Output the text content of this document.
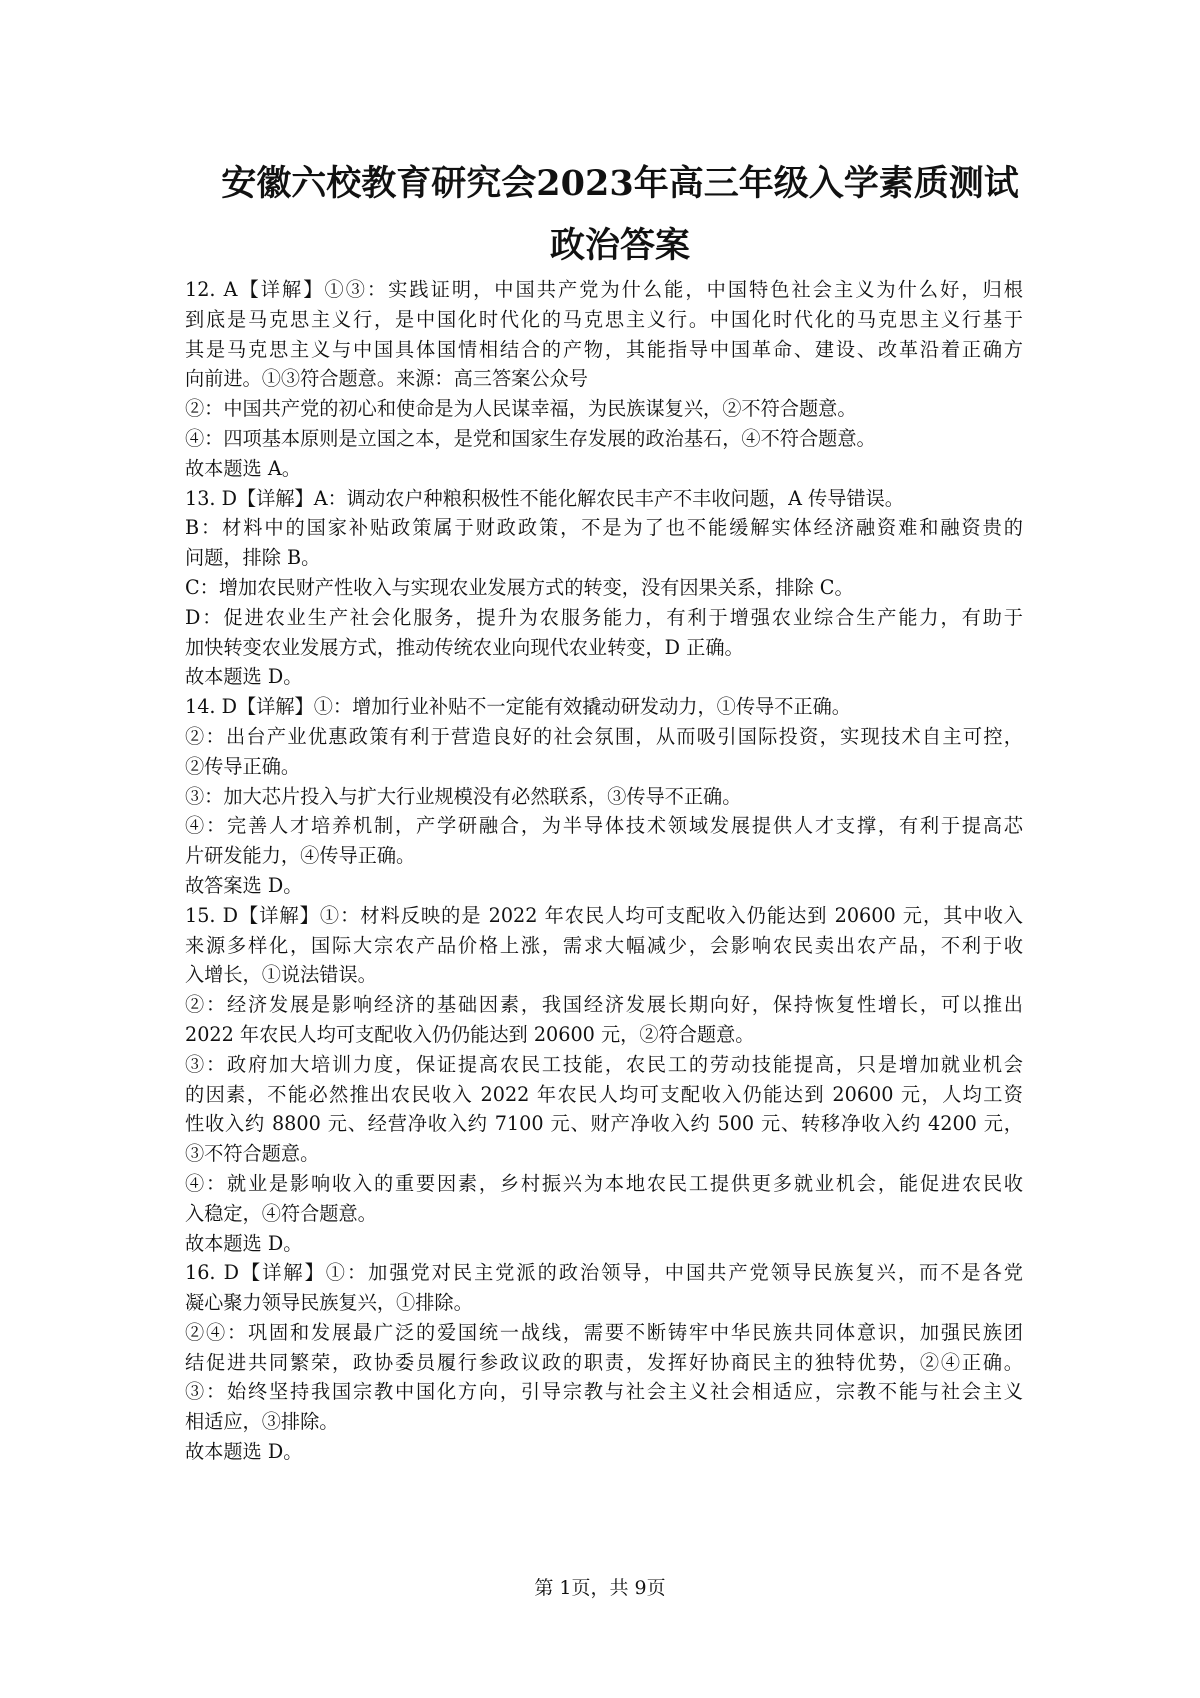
安徽六校教育研究会2023年高三年级入学素质测试
政治答案
12. A【详解】①③：实践证明，中国共产党为什么能，中国特色社会主义为什么好，归根
到底是马克思主义行，是中国化时代化的马克思主义行。中国化时代化的马克思主义行基于
其是马克思主义与中国具体国情相结合的产物，其能指导中国革命、建设、改革沿着正确方
向前进。①③符合题意。来源：高三答案公众号
②：中国共产党的初心和使命是为人民谋幸福，为民族谋复兴，②不符合题意。
④：四项基本原则是立国之本，是党和国家生存发展的政治基石，④不符合题意。
故本题选 A。
13. D【详解】A：调动农户种粮积极性不能化解农民丰产不丰收问题，A 传导错误。
B：材料中的国家补贴政策属于财政政策，不是为了也不能缓解实体经济融资难和融资贵的
问题，排除 B。
C：增加农民财产性收入与实现农业发展方式的转变，没有因果关系，排除 C。
D：促进农业生产社会化服务，提升为农服务能力，有利于增强农业综合生产能力，有助于
加快转变农业发展方式，推动传统农业向现代农业转变，D 正确。
故本题选 D。
14. D【详解】①：增加行业补贴不一定能有效撬动研发动力，①传导不正确。
②：出台产业优惠政策有利于营造良好的社会氛围，从而吸引国际投资，实现技术自主可控，
②传导正确。
③：加大芯片投入与扩大行业规模没有必然联系，③传导不正确。
④：完善人才培养机制，产学研融合，为半导体技术领域发展提供人才支撑，有利于提高芯
片研发能力，④传导正确。
故答案选 D。
15. D【详解】①：材料反映的是 2022 年农民人均可支配收入仍能达到 20600 元，其中收入
来源多样化，国际大宗农产品价格上涨，需求大幅减少，会影响农民卖出农产品，不利于收
入增长，①说法错误。
②：经济发展是影响经济的基础因素，我国经济发展长期向好，保持恢复性增长，可以推出
2022 年农民人均可支配收入仍仍能达到 20600 元，②符合题意。
③：政府加大培训力度，保证提高农民工技能，农民工的劳动技能提高，只是增加就业机会
的因素，不能必然推出农民收入 2022 年农民人均可支配收入仍能达到 20600 元，人均工资
性收入约 8800 元、经营净收入约 7100 元、财产净收入约 500 元、转移净收入约 4200 元，
③不符合题意。
④：就业是影响收入的重要因素，乡村振兴为本地农民工提供更多就业机会，能促进农民收
入稳定，④符合题意。
故本题选 D。
16. D【详解】①：加强党对民主党派的政治领导，中国共产党领导民族复兴，而不是各党
凝心聚力领导民族复兴，①排除。
②④：巩固和发展最广泛的爱国统一战线，需要不断铸牢中华民族共同体意识，加强民族团
结促进共同繁荣，政协委员履行参政议政的职责，发挥好协商民主的独特优势，②④正确。
③：始终坚持我国宗教中国化方向，引导宗教与社会主义社会相适应，宗教不能与社会主义
相适应，③排除。
故本题选 D。
第 1页，共 9页
